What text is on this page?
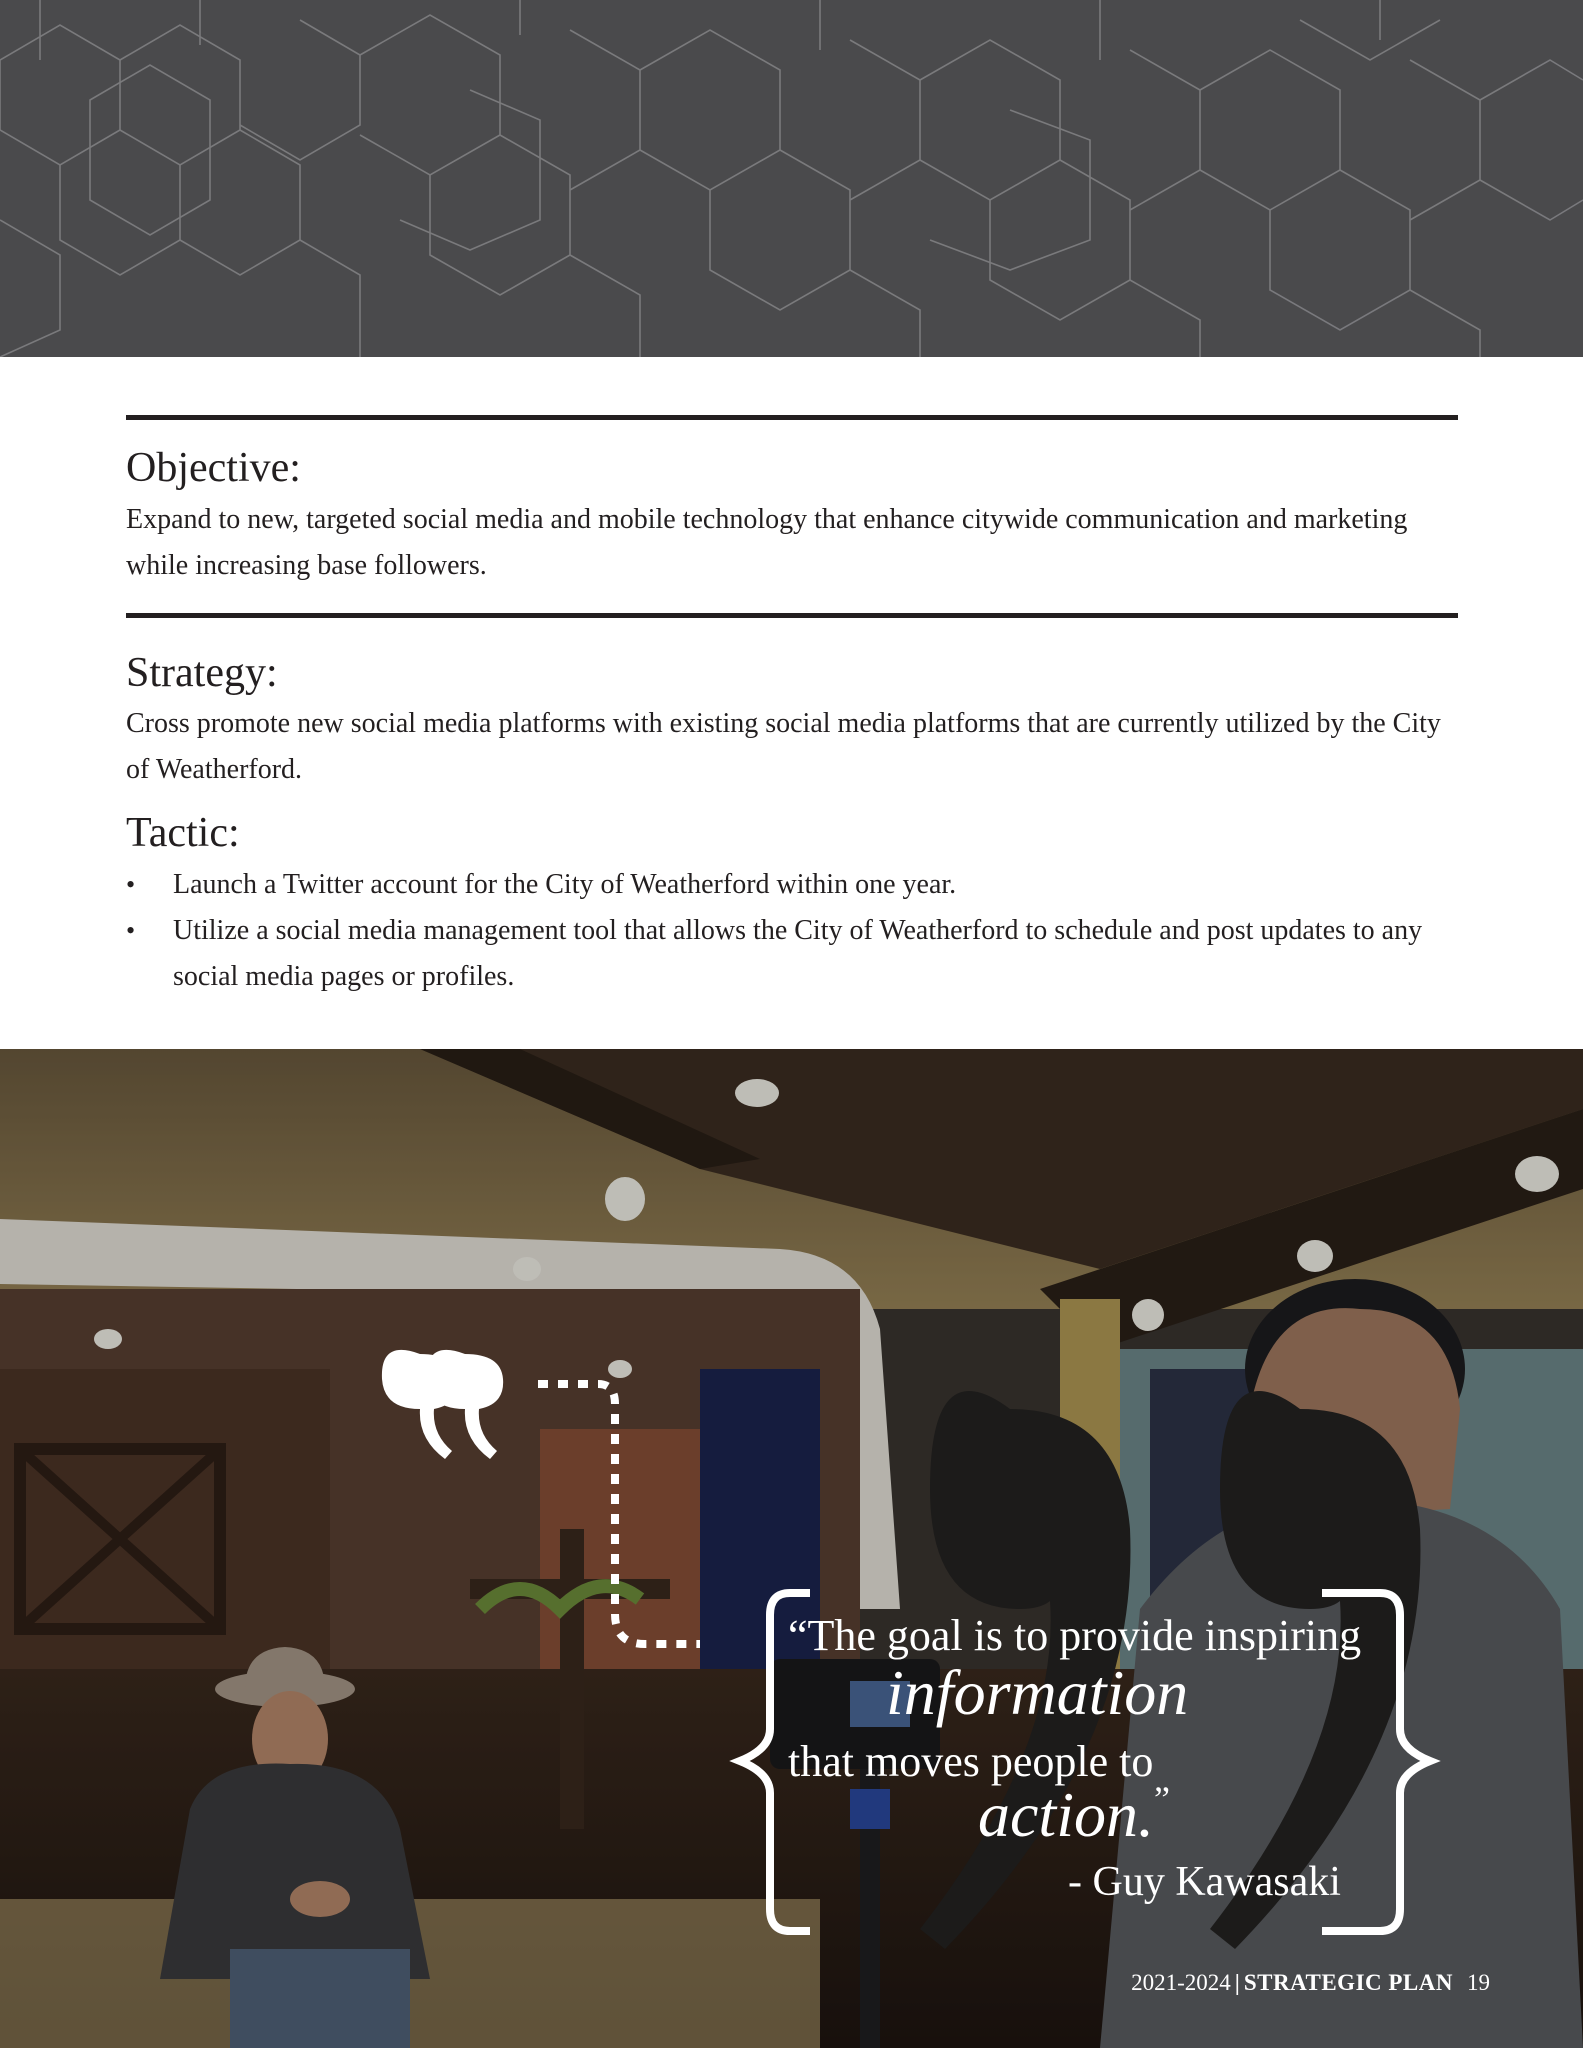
Objective:

Expand to new, targeted social media and mobile technology that enhance citywide communication and marketing while increasing base followers.

Strategy:

Cross promote new social media platforms with existing social media platforms that are currently utilized by the City of Weatherford.

Tactic:
•	Launch a Twitter account for the City of Weatherford within one year.
•	Utilize a social media management tool that allows the City of Weatherford to schedule and post updates to any social media pages or profiles.
“The goal is to provide inspiring
information
that moves people to
action.”
- Guy Kawasaki
2021-2024 | STRATEGIC PLAN 19
